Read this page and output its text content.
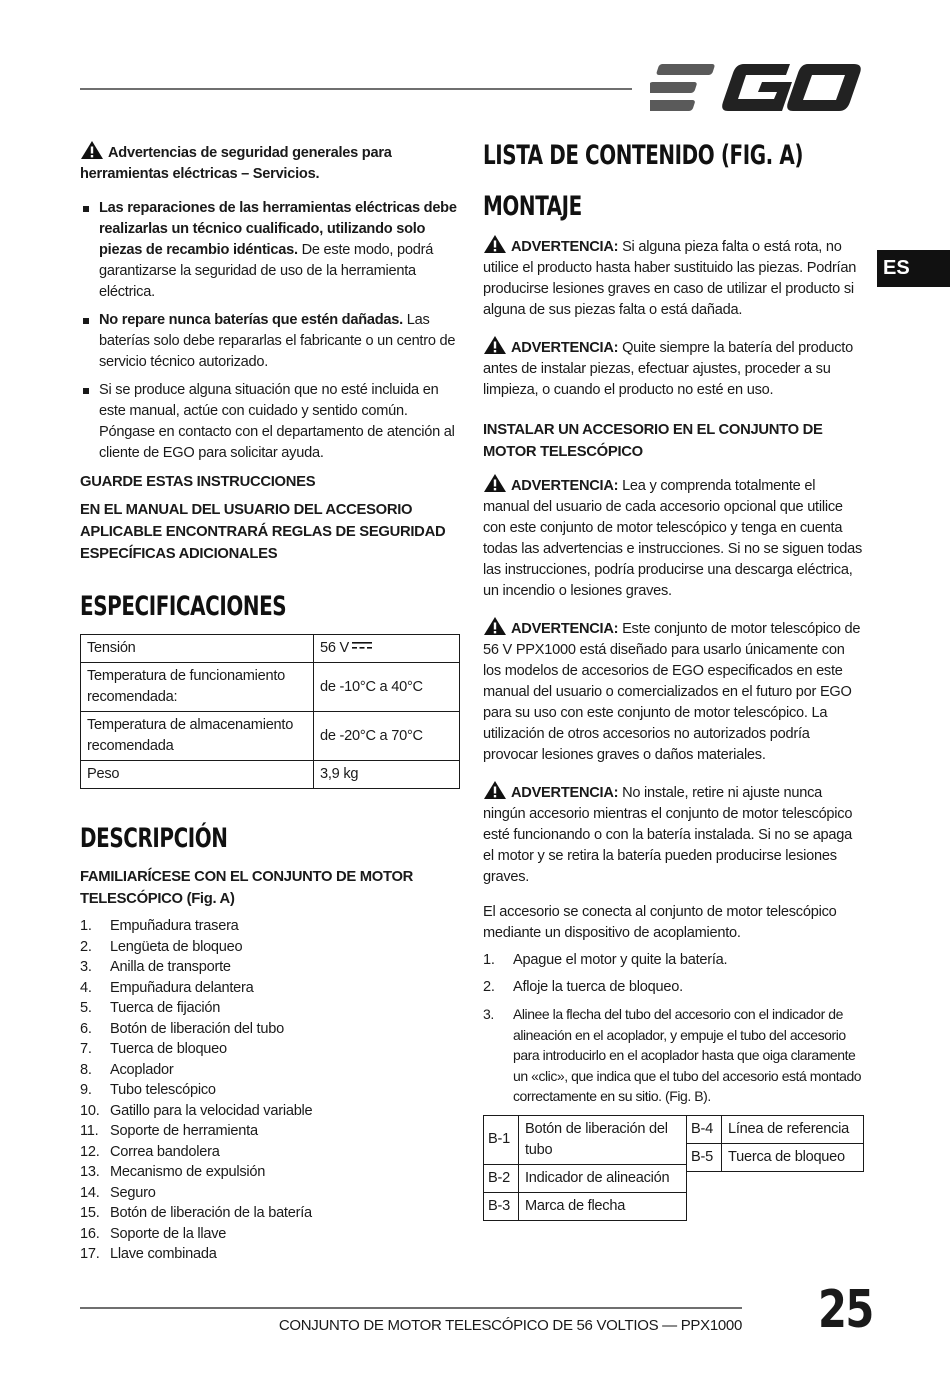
EGO
ES

Advertencias de seguridad generales para herramientas eléctricas – Servicios.

Las reparaciones de las herramientas eléctricas debe realizarlas un técnico cualificado, utilizando solo piezas de recambio idénticas. De este modo, podrá garantizarse la seguridad de uso de la herramienta eléctrica.
No repare nunca baterías que estén dañadas. Las baterías solo debe repararlas el fabricante o un centro de servicio técnico autorizado.
Si se produce alguna situación que no esté incluida en este manual, actúe con cuidado y sentido común. Póngase en contacto con el departamento de atención al cliente de EGO para solicitar ayuda.

GUARDE ESTAS INSTRUCCIONES

EN EL MANUAL DEL USUARIO DEL ACCESORIO APLICABLE ENCONTRARÁ REGLAS DE SEGURIDAD ESPECÍFICAS ADICIONALES

ESPECIFICACIONES
Tensión	56 V
Temperatura de funcionamiento recomendada:	de -10°C a 40°C
Temperatura de almacenamiento recomendada	de -20°C a 70°C
Peso	3,9 kg
DESCRIPCIÓN

FAMILIARÍCESE CON EL CONJUNTO DE MOTOR TELESCÓPICO (Fig. A)

1.	Empuñadura trasera
2.	Lengüeta de bloqueo
3.	Anilla de transporte
4.	Empuñadura delantera
5.	Tuerca de fijación
6.	Botón de liberación del tubo
7.	Tuerca de bloqueo
8.	Acoplador
9.	Tubo telescópico
10. Gatillo para la velocidad variable
11. Soporte de herramienta
12. Correa bandolera
13. Mecanismo de expulsión
14. Seguro
15. Botón de liberación de la batería
16. Soporte de la llave
17. Llave combinada
LISTA DE CONTENIDO (FIG. A)
MONTAJE

ADVERTENCIA: Si alguna pieza falta o está rota, no utilice el producto hasta haber sustituido las piezas. Podrían producirse lesiones graves en caso de utilizar el producto si alguna de sus piezas falta o está dañada.

ADVERTENCIA: Quite siempre la batería del producto antes de instalar piezas, efectuar ajustes, proceder a su limpieza, o cuando el producto no esté en uso.

INSTALAR UN ACCESORIO EN EL CONJUNTO DE MOTOR TELESCÓPICO

ADVERTENCIA: Lea y comprenda totalmente el manual del usuario de cada accesorio opcional que utilice con este conjunto de motor telescópico y tenga en cuenta todas las advertencias e instrucciones. Si no se siguen todas las instrucciones, podría producirse una descarga eléctrica, un incendio o lesiones graves.

ADVERTENCIA: Este conjunto de motor telescópico de 56 V PPX1000 está diseñado para usarlo únicamente con los modelos de accesorios de EGO especificados en este manual del usuario o comercializados en el futuro por EGO para su uso con este conjunto de motor telescópico. La utilización de otros accesorios no autorizados podría provocar lesiones graves o daños materiales.

ADVERTENCIA: No instale, retire ni ajuste nunca ningún accesorio mientras el conjunto de motor telescópico esté funcionando o con la batería instalada. Si no se apaga el motor y se retira la batería pueden producirse lesiones graves.

El accesorio se conecta al conjunto de motor telescópico mediante un dispositivo de acoplamiento.

1.	Apague el motor y quite la batería.
2.	Afloje la tuerca de bloqueo.
3.	Alinee la flecha del tubo del accesorio con el indicador de alineación en el acoplador, y empuje el tubo del accesorio para introducirlo en el acoplador hasta que oiga claramente un «clic», que indica que el tubo del accesorio está montado correctamente en su sitio. (Fig. B).
B-1	Botón de liberación del tubo
B-2	Indicador de alineación
B-3	Marca de flecha
B-4	Línea de referencia
B-5	Tuerca de bloqueo
CONJUNTO DE MOTOR TELESCÓPICO DE 56 VOLTIOS — PPX1000 25
